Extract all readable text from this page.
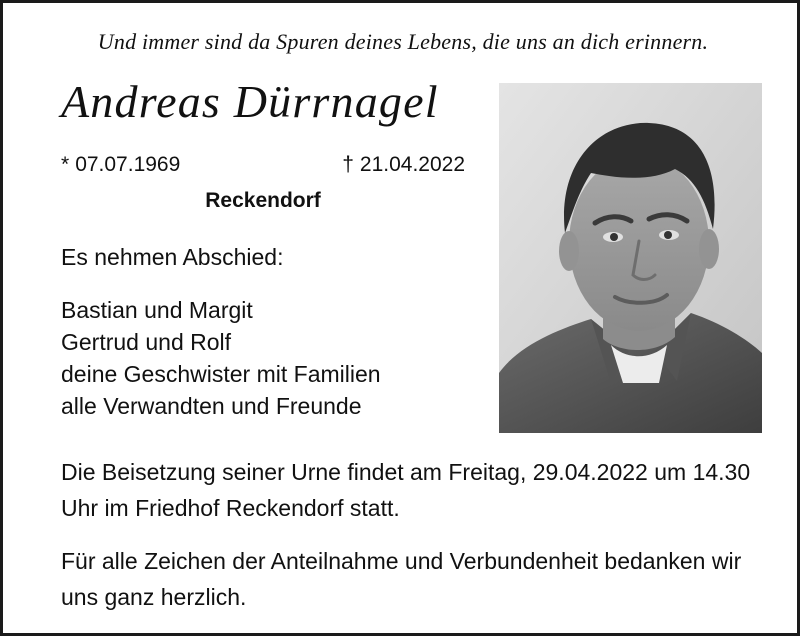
Und immer sind da Spuren deines Lebens, die uns an dich erinnern.
Andreas Dürrnagel
* 07.07.1969	† 21.04.2022
Reckendorf
Es nehmen Abschied:
Bastian und Margit
Gertrud und Rolf
deine Geschwister mit Familien
alle Verwandten und Freunde

Die Beisetzung seiner Urne findet am Freitag, 29.04.2022 um 14.30 Uhr im Friedhof Reckendorf statt.

Für alle Zeichen der Anteilnahme und Verbundenheit bedanken wir uns ganz herzlich.
